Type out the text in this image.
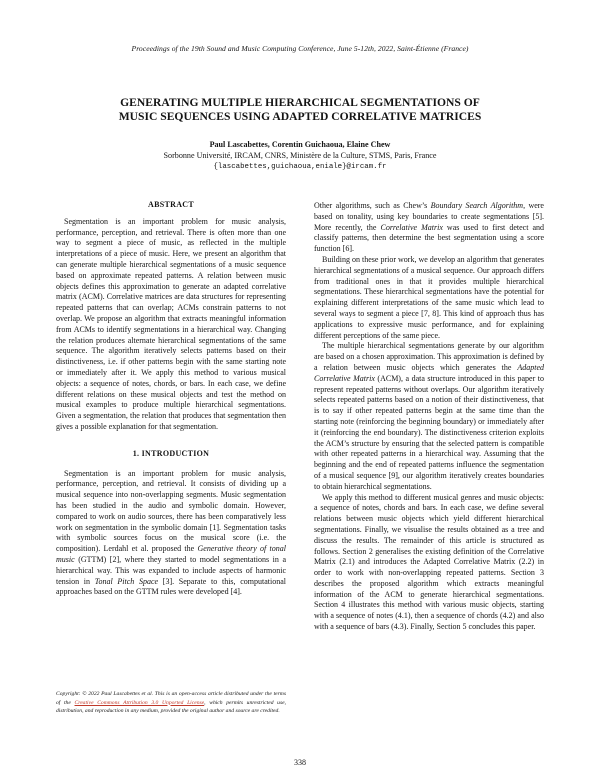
Proceedings of the 19th Sound and Music Computing Conference, June 5-12th, 2022, Saint-Étienne (France)
GENERATING MULTIPLE HIERARCHICAL SEGMENTATIONS OF
MUSIC SEQUENCES USING ADAPTED CORRELATIVE MATRICES
Paul Lascabettes, Corentin Guichaoua, Elaine Chew
Sorbonne Université, IRCAM, CNRS, Ministère de la Culture, STMS, Paris, France
{lascabettes,guichaoua,eniale}@ircam.fr
ABSTRACT

Segmentation is an important problem for music analysis, performance, perception, and retrieval. There is often more than one way to segment a piece of music, as reflected in the multiple interpretations of a piece of music. Here, we present an algorithm that can generate multiple hierarchical segmentations of a music sequence based on approximate repeated patterns. A relation between music objects defines this approximation to generate an adapted correlative matrix (ACM). Correlative matrices are data structures for representing repeated patterns that can overlap; ACMs constrain patterns to not overlap. We propose an algorithm that extracts meaningful information from ACMs to identify segmentations in a hierarchical way. Changing the relation produces alternate hierarchical segmentations of the same sequence. The algorithm iteratively selects patterns based on their distinctiveness, i.e. if other patterns begin with the same starting note or immediately after it. We apply this method to various musical objects: a sequence of notes, chords, or bars. In each case, we define different relations on these musical objects and test the method on musical examples to produce multiple hierarchical segmentations. Given a segmentation, the relation that produces that segmentation then gives a possible explanation for that segmentation.

1. INTRODUCTION

Segmentation is an important problem for music analysis, performance, perception, and retrieval. It consists of dividing up a musical sequence into non-overlapping segments. Music segmentation has been studied in the audio and symbolic domain. However, compared to work on audio sources, there has been comparatively less work on segmentation in the symbolic domain [1]. Segmentation tasks with symbolic sources focus on the musical score (i.e. the composition). Lerdahl et al. proposed the Generative theory of tonal music (GTTM) [2], where they started to model segmentations in a hierarchical way. This was expanded to include aspects of harmonic tension in Tonal Pitch Space [3]. Separate to this, computational approaches based on the GTTM rules were developed [4].

Copyright: © 2022 Paul Lascabettes et al. This is an open-access article distributed under the terms of the Creative Commons Attribution 3.0 Unported License, which permits unrestricted use, distribution, and reproduction in any medium, provided the original author and source are credited.

Other algorithms, such as Chew’s Boundary Search Algorithm, were based on tonality, using key boundaries to create segmentations [5]. More recently, the Correlative Matrix was used to first detect and classify patterns, then determine the best segmentation using a score function [6].

Building on these prior work, we develop an algorithm that generates hierarchical segmentations of a musical sequence. Our approach differs from traditional ones in that it provides multiple hierarchical segmentations. These hierarchical segmentations have the potential for explaining different interpretations of the same music which lead to several ways to segment a piece [7, 8]. This kind of approach thus has applications to expressive music performance, and for explaining different perceptions of the same piece.

The multiple hierarchical segmentations generate by our algorithm are based on a chosen approximation. This approximation is defined by a relation between music objects which generates the Adapted Correlative Matrix (ACM), a data structure introduced in this paper to represent repeated patterns without overlaps. Our algorithm iteratively selects repeated patterns based on a notion of their distinctiveness, that is to say if other repeated patterns begin at the same time than the starting note (reinforcing the beginning boundary) or immediately after it (reinforcing the end boundary). The distinctiveness criterion exploits the ACM’s structure by ensuring that the selected pattern is compatible with other repeated patterns in a hierarchical way. Assuming that the beginning and the end of repeated patterns influence the segmentation of a musical sequence [9], our algorithm iteratively creates boundaries to obtain hierarchical segmentations.

We apply this method to different musical genres and music objects: a sequence of notes, chords and bars. In each case, we define several relations between music objects which yield different hierarchical segmentations. Finally, we visualise the results obtained as a tree and discuss the results. The remainder of this article is structured as follows. Section 2 generalises the existing definition of the Correlative Matrix (2.1) and introduces the Adapted Correlative Matrix (2.2) in order to work with non-overlapping repeated patterns. Section 3 describes the proposed algorithm which extracts meaningful information of the ACM to generate hierarchical segmentations. Section 4 illustrates this method with various music objects, starting with a sequence of notes (4.1), then a sequence of chords (4.2) and also with a sequence of bars (4.3). Finally, Section 5 concludes this paper.

338
